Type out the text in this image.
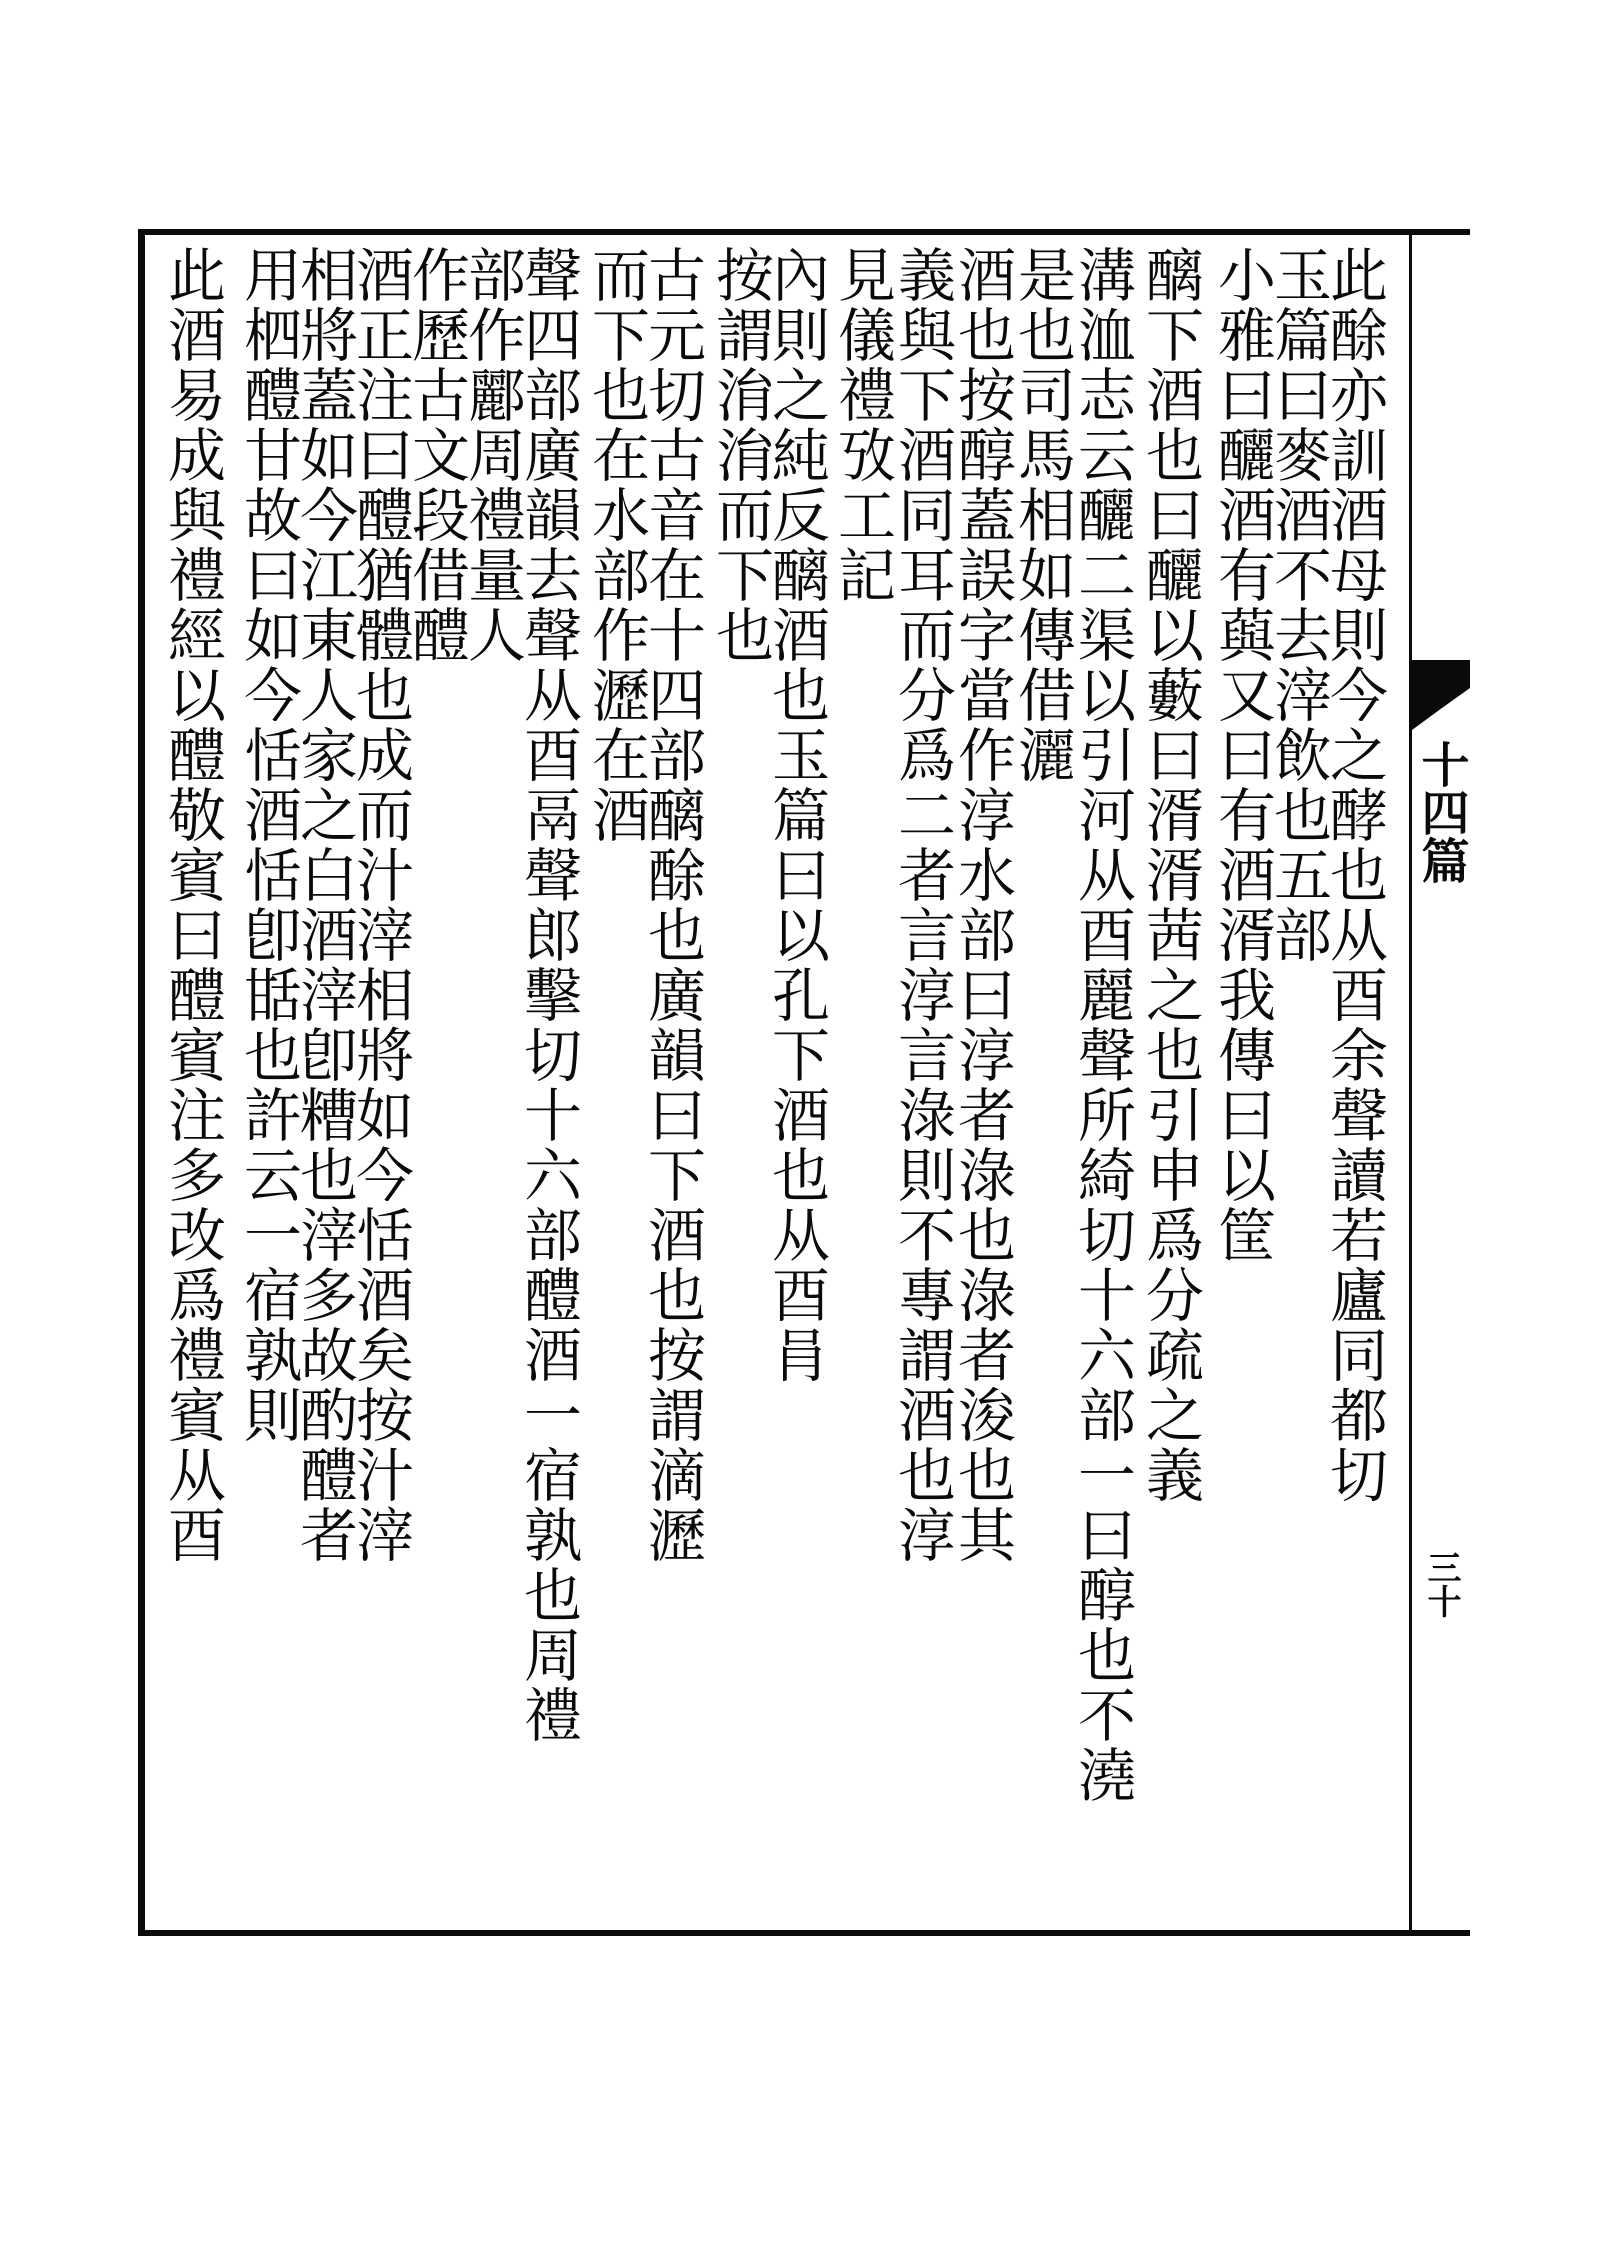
十四篇
三十
此酴亦訓酒母則今之酵也从酉余聲讀若廬同都切
玉篇曰麥酒不去滓飲也五部
小雅曰釃酒有藇又曰有酒湑我傳曰以筐
醨下酒也曰釃以藪曰湑湑茜之也引申爲分疏之義
溝洫志云釃二渠以引河从酉麗聲所綺切十六部一曰醇也不澆
是也司馬相如傳借灑
酒也按醇蓋誤字當作淳水部曰淳者淥也淥者浚也其
義與下酒同耳而分爲二者言淳言淥則不專謂酒也淳
見儀禮攷工記
內則之純反醨酒也玉篇曰以孔下酒也从酉肙
按謂㳙㳙而下也
古元切古音在十四部醨酴也廣韻曰下酒也按謂滴瀝
而下也在水部作瀝在酒
聲四部廣韻去聲从酉鬲聲郎擊切十六部醴酒一宿孰也周禮
部作酈周禮量人
作歷古文段借醴
酒正注曰醴猶體也成而汁滓相將如今恬酒矣按汁滓
相將蓋如今江東人家之白酒滓卽糟也滓多故酌醴者
用柶醴甘故曰如今恬酒恬卽甛也許云一宿孰則
此酒易成與禮經以醴敬賓曰醴賓注多改爲禮賓从酉
